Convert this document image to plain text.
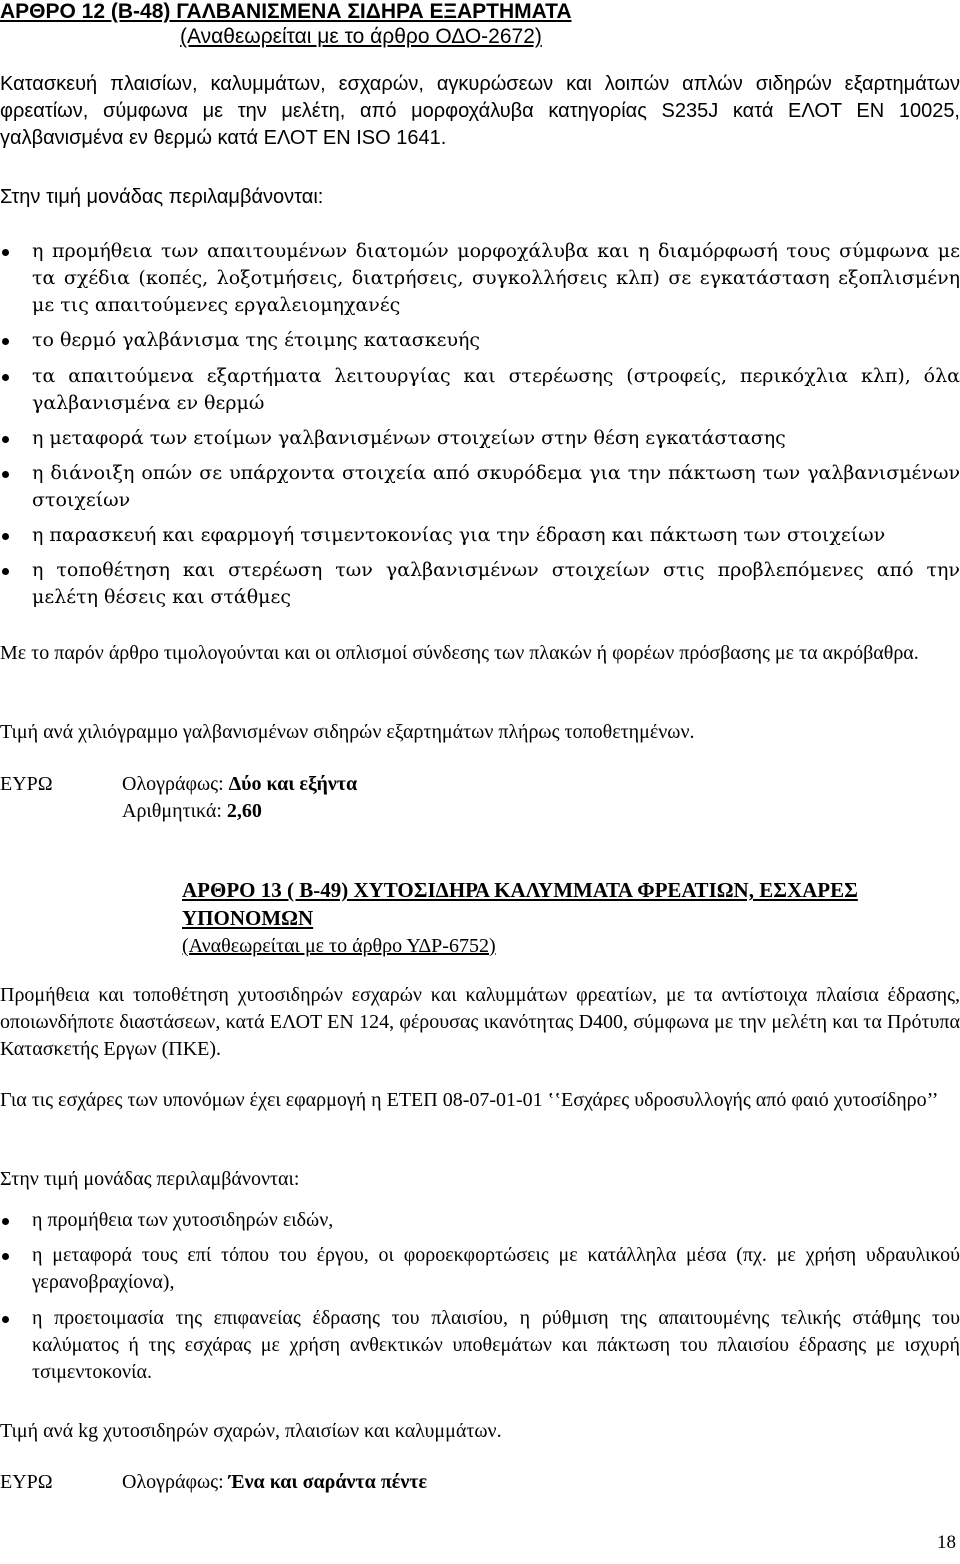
ΑΡΘΡΟ 12 (Β-48) ΓΑΛΒΑΝΙΣΜΕΝΑ ΣΙΔΗΡΑ ΕΞΑΡΤΗΜΑΤΑ

(Αναθεωρείται με το άρθρο ΟΔΟ-2672)

Κατασκευή πλαισίων, καλυμμάτων, εσχαρών, αγκυρώσεων και λοιπών απλών σιδηρών εξαρτημάτων φρεατίων, σύμφωνα με την μελέτη, από μορφοχάλυβα κατηγορίας S235J κατά ΕΛΟΤ ΕΝ 10025, γαλβανισμένα εν θερμώ κατά ΕΛΟΤ ΕΝ ISO 1641.

Στην τιμή μονάδας περιλαμβάνονται:

η προμήθεια των απαιτουμένων διατομών μορφοχάλυβα και η διαμόρφωσή τους σύμφωνα με τα σχέδια (κοπές, λοξοτμήσεις, διατρήσεις, συγκολλήσεις κλπ) σε εγκατάσταση εξοπλισμένη με τις απαιτούμενες εργαλειομηχανές
το θερμό γαλβάνισμα της έτοιμης κατασκευής
τα απαιτούμενα εξαρτήματα λειτουργίας και στερέωσης (στροφείς, περικόχλια κλπ), όλα γαλβανισμένα εν θερμώ
η μεταφορά των ετοίμων γαλβανισμένων στοιχείων στην θέση εγκατάστασης
η διάνοιξη οπών σε υπάρχοντα στοιχεία από σκυρόδεμα για την πάκτωση των γαλβανισμένων στοιχείων
η παρασκευή και εφαρμογή τσιμεντοκονίας για την έδραση και πάκτωση των στοιχείων
η τοποθέτηση και στερέωση των γαλβανισμένων στοιχείων στις προβλεπόμενες από την μελέτη θέσεις και στάθμες

Με το παρόν άρθρο τιμολογούνται και οι οπλισμοί σύνδεσης των πλακών ή φορέων πρόσβασης με τα ακρόβαθρα.

Τιμή ανά χιλιόγραμμο γαλβανισμένων σιδηρών εξαρτημάτων πλήρως τοποθετημένων.

ΕΥΡΩ	Ολογράφως: Δύο και εξήντα
Αριθμητικά: 2,60

ΑΡΘΡΟ 13 ( Β-49) ΧΥΤΟΣΙΔΗΡΑ ΚΑΛΥΜΜΑΤΑ ΦΡΕΑΤΙΩΝ, ΕΣΧΑΡΕΣ ΥΠΟΝΟΜΩΝ

(Αναθεωρείται με το άρθρο ΥΔΡ-6752)

Προμήθεια και τοποθέτηση χυτοσιδηρών εσχαρών και καλυμμάτων φρεατίων, με τα αντίστοιχα πλαίσια έδρασης, οποιωνδήποτε διαστάσεων, κατά ΕΛΟΤ ΕΝ 124, φέρουσας ικανότητας D400, σύμφωνα με την μελέτη και τα Πρότυπα Κατασκετής Εργων (ΠΚΕ).

Για τις εσχάρες των υπονόμων έχει εφαρμογή η ΕΤΕΠ 08-07-01-01 ‛‛Εσχάρες υδροσυλλογής από φαιό χυτοσίδηρο’’

Στην τιμή μονάδας περιλαμβάνονται:

η προμήθεια των χυτοσιδηρών ειδών,
η μεταφορά τους επί τόπου του έργου, οι φοροεκφορτώσεις με κατάλληλα μέσα (πχ. με χρήση υδραυλικού γερανοβραχίονα),
η προετοιμασία της επιφανείας έδρασης του πλαισίου, η ρύθμιση της απαιτουμένης τελικής στάθμης του καλύματος ή της εσχάρας με χρήση ανθεκτικών υποθεμάτων και πάκτωση του πλαισίου έδρασης με ισχυρή τσιμεντοκονία.

Τιμή ανά kg χυτοσιδηρών σχαρών, πλαισίων και καλυμμάτων.

ΕΥΡΩ	Ολογράφως: Ένα και σαράντα πέντε
18
